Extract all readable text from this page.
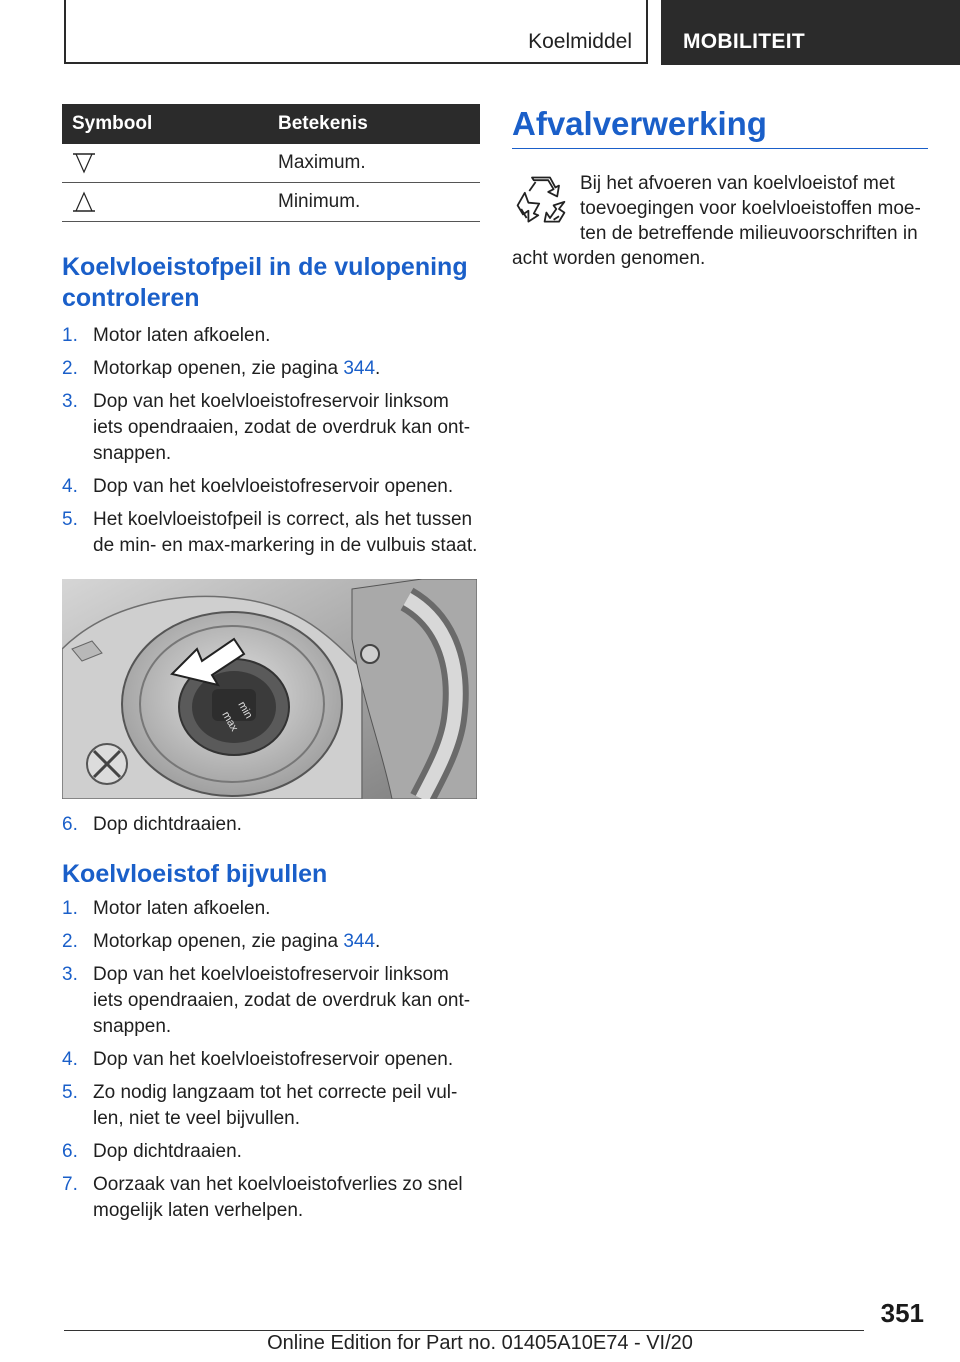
Koelmiddel MOBILITEIT
Symbool	Betekenis
	Maximum.
	Minimum.
Koelvloeistofpeil in de vulopening controleren
1. Motor laten afkoelen.
2. Motorkap openen, zie pagina 344.
3. Dop van het koelvloeistofreservoir linksom iets opendraaien, zodat de overdruk kan ontsnappen.
4. Dop van het koelvloeistofreservoir openen.
5. Het koelvloeistofpeil is correct, als het tussen de min- en max-markering in de vulbuis staat.
min
max
6. Dop dichtdraaien.
Koelvloeistof bijvullen
1. Motor laten afkoelen.
2. Motorkap openen, zie pagina 344.
3. Dop van het koelvloeistofreservoir linksom iets opendraaien, zodat de overdruk kan ontsnappen.
4. Dop van het koelvloeistofreservoir openen.
5. Zo nodig langzaam tot het correcte peil vullen, niet te veel bijvullen.
6. Dop dichtdraaien.
7. Oorzaak van het koelvloeistofverlies zo snel mogelijk laten verhelpen.
Afvalverwerking
Bij het afvoeren van koelvloeistof met toevoegingen voor koelvloeistoffen moeten de betreffende milieuvoorschriften in acht worden genomen.
351
Online Edition for Part no. 01405A10E74 - VI/20
